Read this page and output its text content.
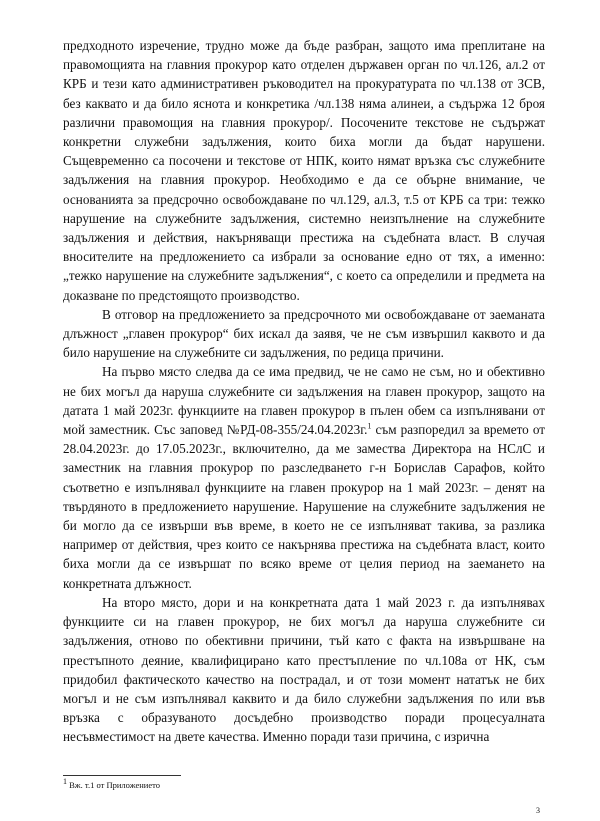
предходното изречение, трудно може да бъде разбран, защото има преплитане на правомощията на главния прокурор като отделен държавен орган по чл.126, ал.2 от КРБ и тези като административен ръководител на прокуратурата по чл.138 от ЗСВ, без каквато и да било яснота и конкретика /чл.138 няма алинеи, а съдържа 12 броя различни правомощия на главния прокурор/. Посочените текстове не съдържат конкретни служебни задължения, които биха могли да бъдат нарушени. Същевременно са посочени и текстове от НПК, които нямат връзка със служебните задължения на главния прокурор. Необходимо е да се обърне внимание, че основанията за предсрочно освобождаване по чл.129, ал.3, т.5 от КРБ са три: тежко нарушение на служебните задължения, системно неизпълнение на служебните задължения и действия, накърняващи престижа на съдебната власт. В случая вносителите на предложението са избрали за основание едно от тях, а именно: „тежко нарушение на служебните задължения“, с което са определили и предмета на доказване по предстоящото производство.

В отговор на предложението за предсрочното ми освобождаване от заеманата длъжност „главен прокурор“ бих искал да заявя, че не съм извършил каквото и да било нарушение на служебните си задължения, по редица причини.

На първо място следва да се има предвид, че не само не съм, но и обективно не бих могъл да наруша служебните си задължения на главен прокурор, защото на датата 1 май 2023г. функциите на главен прокурор в пълен обем са изпълнявани от мой заместник. Със заповед №РД-08-355/24.04.2023г.$^1$ съм разпоредил за времето от 28.04.2023г. до 17.05.2023г., включително, да ме замества Директора на НСлС и заместник на главния прокурор по разследването г-н Борислав Сарафов, който съответно е изпълнявал функциите на главен прокурор на 1 май 2023г. – денят на твърдяното в предложението нарушение. Нарушение на служебните задължения не би могло да се извърши във време, в което не се изпълняват такива, за разлика например от действия, чрез които се накърнява престижа на съдебната власт, които биха могли да се извършат по всяко време от целия период на заемането на конкретната длъжност.

На второ място, дори и на конкретната дата 1 май 2023 г. да изпълнявах функциите си на главен прокурор, не бих могъл да наруша служебните си задължения, отново по обективни причини, тъй като с факта на извършване на престъпното деяние, квалифицирано като престъпление по чл.108а от НК, съм придобил фактическото качество на пострадал, и от този момент нататък не бих могъл и не съм изпълнявал каквито и да било служебни задължения по или във връзка с образуваното досъдебно производство поради процесуалната несъвместимост на двете качества. Именно поради тази причина, с изрична

$^1$ Вж. т.1 от Приложението
3
